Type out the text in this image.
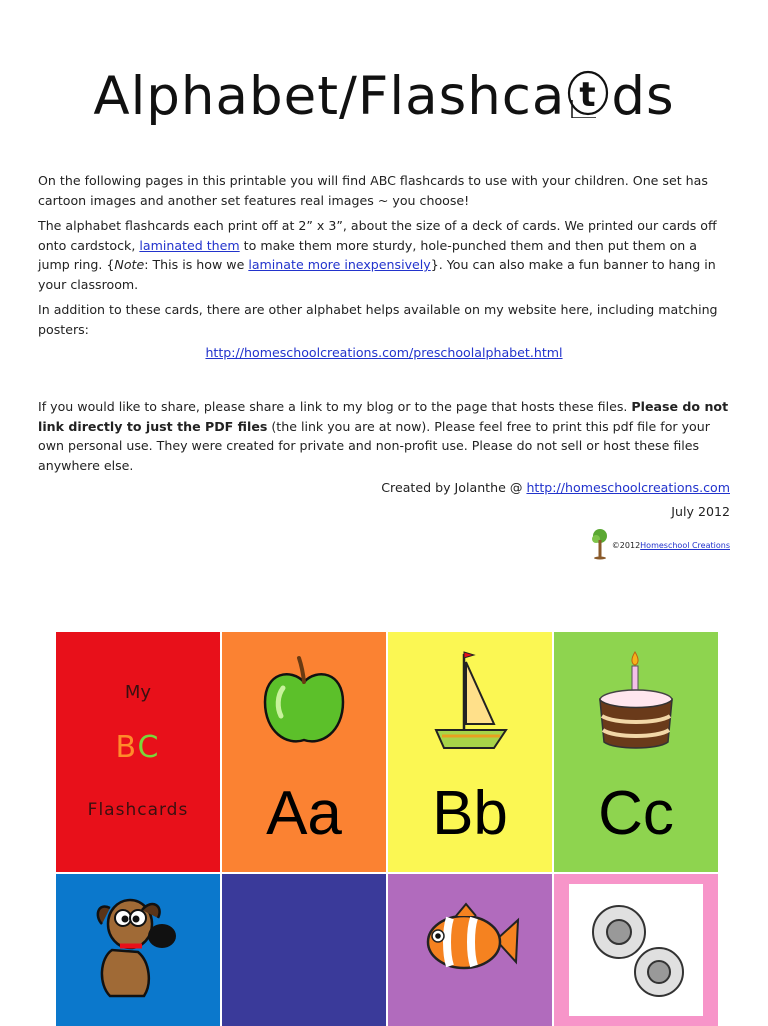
Alphabet/Flashca t ds

On the following pages in this printable you will find ABC flashcards to use with your children. One set has cartoon images and another set features real images ~ you choose!

The alphabet flashcards each print off at 2” x 3”, about the size of a deck of cards. We printed our cards off onto cardstock, laminated them to make them more sturdy, hole-punched them and then put them on a jump ring. {Note: This is how we laminate more inexpensively}. You can also make a fun banner to hang in your classroom.

In addition to these cards, there are other alphabet helps available on my website here, including matching posters:

http://homeschoolcreations.com/preschoolalphabet.html

If you would like to share, please share a link to my blog or to the page that hosts these files. Please do not link directly to just the PDF files (the link you are at now). Please feel free to print this pdf file for your own personal use. They were created for private and non-profit use. Please do not sell or host these files anywhere else.

Created by Jolanthe @ http://homeschoolcreations.com
July 2012
©2012 Homeschool Creations
My
BC
Flashcards	Aa	Bb	Cc
